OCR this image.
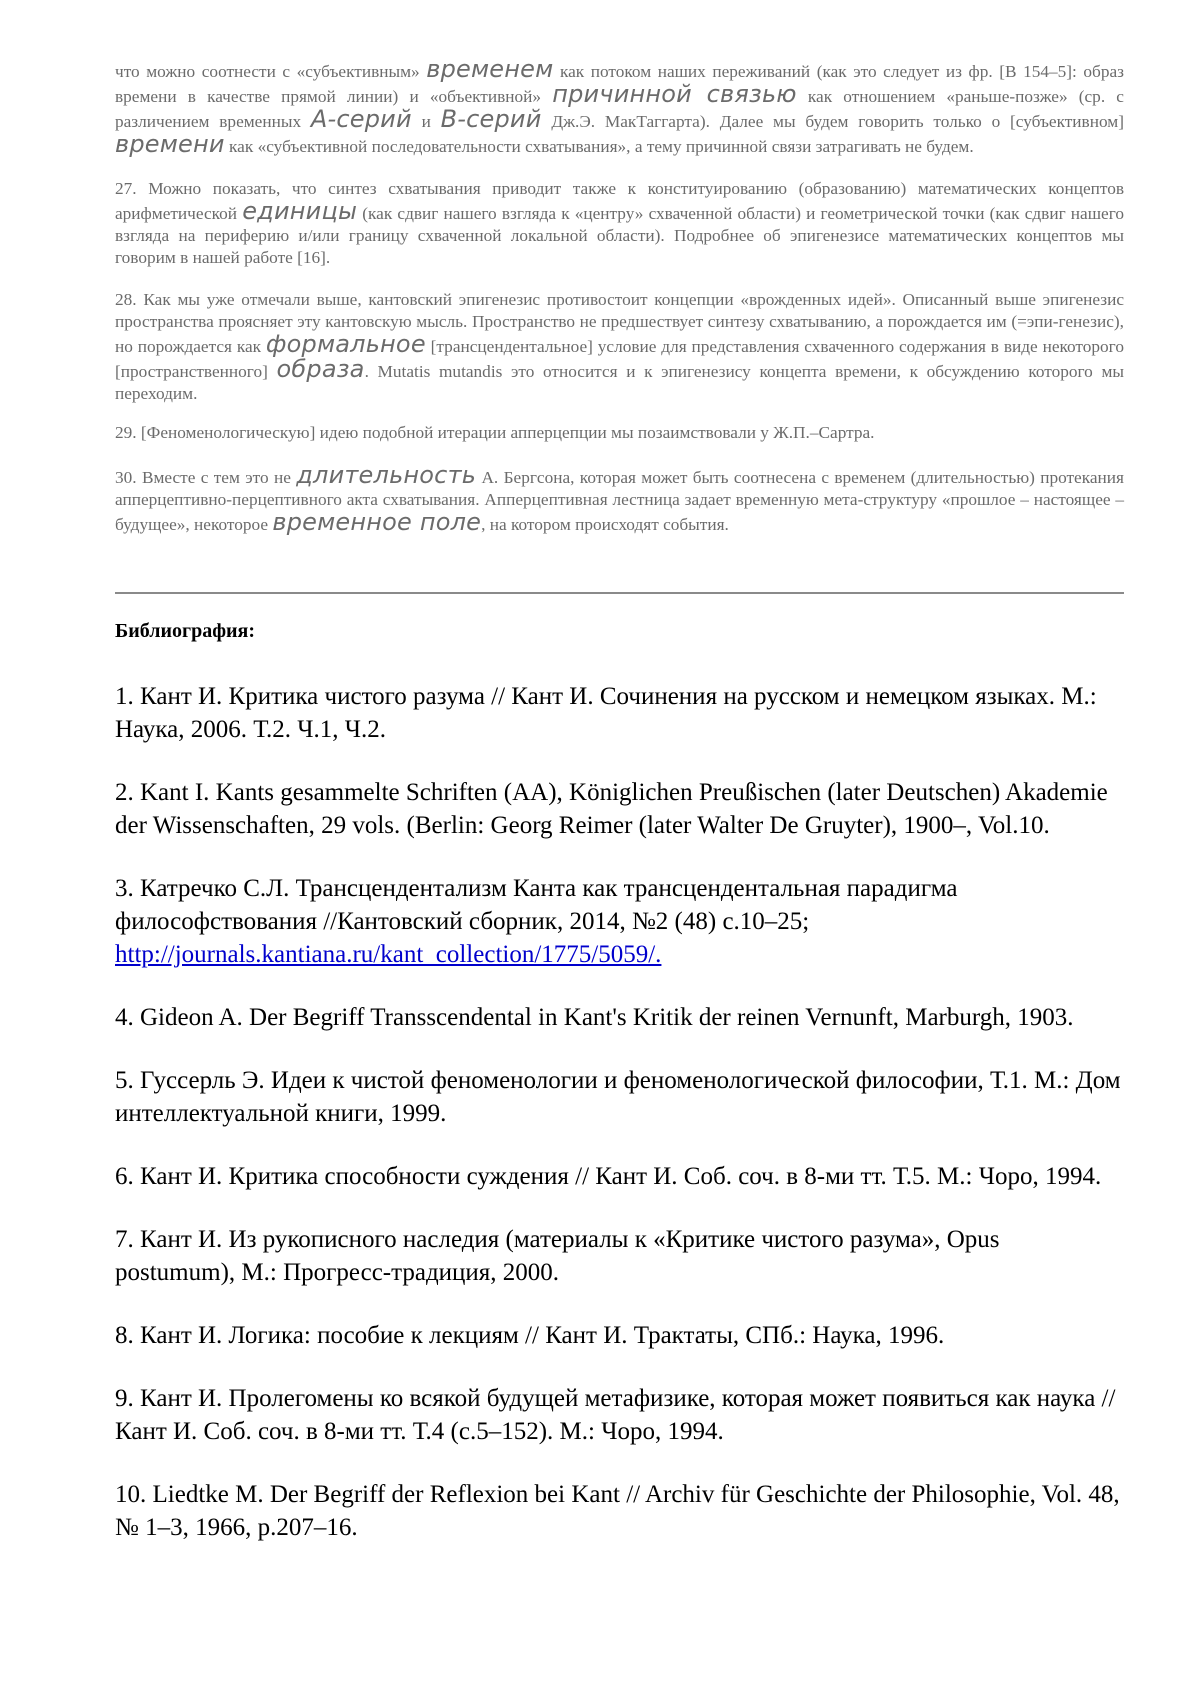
что можно соотнести с «субъективным» временем как потоком наших переживаний (как это следует из фр. [B 154–5]: образ времени в качестве прямой линии) и «объективной» причинной связью как отношением «раньше-позже» (ср. с различением временных А-серий и В-серий Дж.Э. МакТаггарта). Далее мы будем говорить только о [субъективном] времени как «субъективной последовательности схватывания», а тему причинной связи затрагивать не будем.

27. Можно показать, что синтез схватывания приводит также к конституированию (образованию) математических концептов арифметической единицы (как сдвиг нашего взгляда к «центру» схваченной области) и геометрической точки (как сдвиг нашего взгляда на периферию и/или границу схваченной локальной области). Подробнее об эпигенезисе математических концептов мы говорим в нашей работе [16].

28. Как мы уже отмечали выше, кантовский эпигенезис противостоит концепции «врожденных идей». Описанный выше эпигенезис пространства проясняет эту кантовскую мысль. Пространство не предшествует синтезу схватыванию, а порождается им (=эпи-генезис), но порождается как формальное [трансцендентальное] условие для представления схваченного содержания в виде некоторого [пространственного] образа. Mutatis mutandis это относится и к эпигенезису концепта времени, к обсуждению которого мы переходим.

29. [Феноменологическую] идею подобной итерации апперцепции мы позаимствовали у Ж.П.–Сартра.

30. Вместе с тем это не длительность А. Бергсона, которая может быть соотнесена с временем (длительностью) протекания апперцептивно-перцептивного акта схватывания. Апперцептивная лестница задает временную мета-структуру «прошлое – настоящее – будущее», некоторое временное поле, на котором происходят события.

Библиография:

1. Кант И. Критика чистого разума // Кант И. Сочинения на русском и немецком языках. М.: Наука, 2006. Т.2. Ч.1, Ч.2.

2. Kant I. Kants gesammelte Schriften (AA), Königlichen Preußischen (later Deutschen) Akademie der Wissenschaften, 29 vols. (Berlin: Georg Reimer (later Walter De Gruyter), 1900–, Vol.10.

3. Катречко С.Л. Трансцендентализм Канта как трансцендентальная парадигма философствования //Кантовский сборник, 2014, №2 (48) с.10–25; http://journals.kantiana.ru/kant_collection/1775/5059/.

4. Gideon A. Der Begriff Transscendental in Kant's Kritik der reinen Vernunft, Marburgh, 1903.

5. Гуссерль Э. Идеи к чистой феноменологии и феноменологической философии, Т.1. М.: Дом интеллектуальной книги, 1999.

6. Кант И. Критика способности суждения // Кант И. Соб. соч. в 8-ми тт. Т.5. М.: Чоро, 1994.

7. Кант И. Из рукописного наследия (материалы к «Критике чистого разума», Opus postumum), М.: Прогресс-традиция, 2000.

8. Кант И. Логика: пособие к лекциям // Кант И. Трактаты, СПб.: Наука, 1996.

9. Кант И. Пролегомены ко всякой будущей метафизике, которая может появиться как наука // Кант И. Соб. соч. в 8-ми тт. Т.4 (с.5–152). М.: Чоро, 1994.

10. Liedtke M. Der Begriff der Reflexion bei Kant // Archiv für Geschichte der Philosophie, Vol. 48, № 1–3, 1966, p.207–16.
